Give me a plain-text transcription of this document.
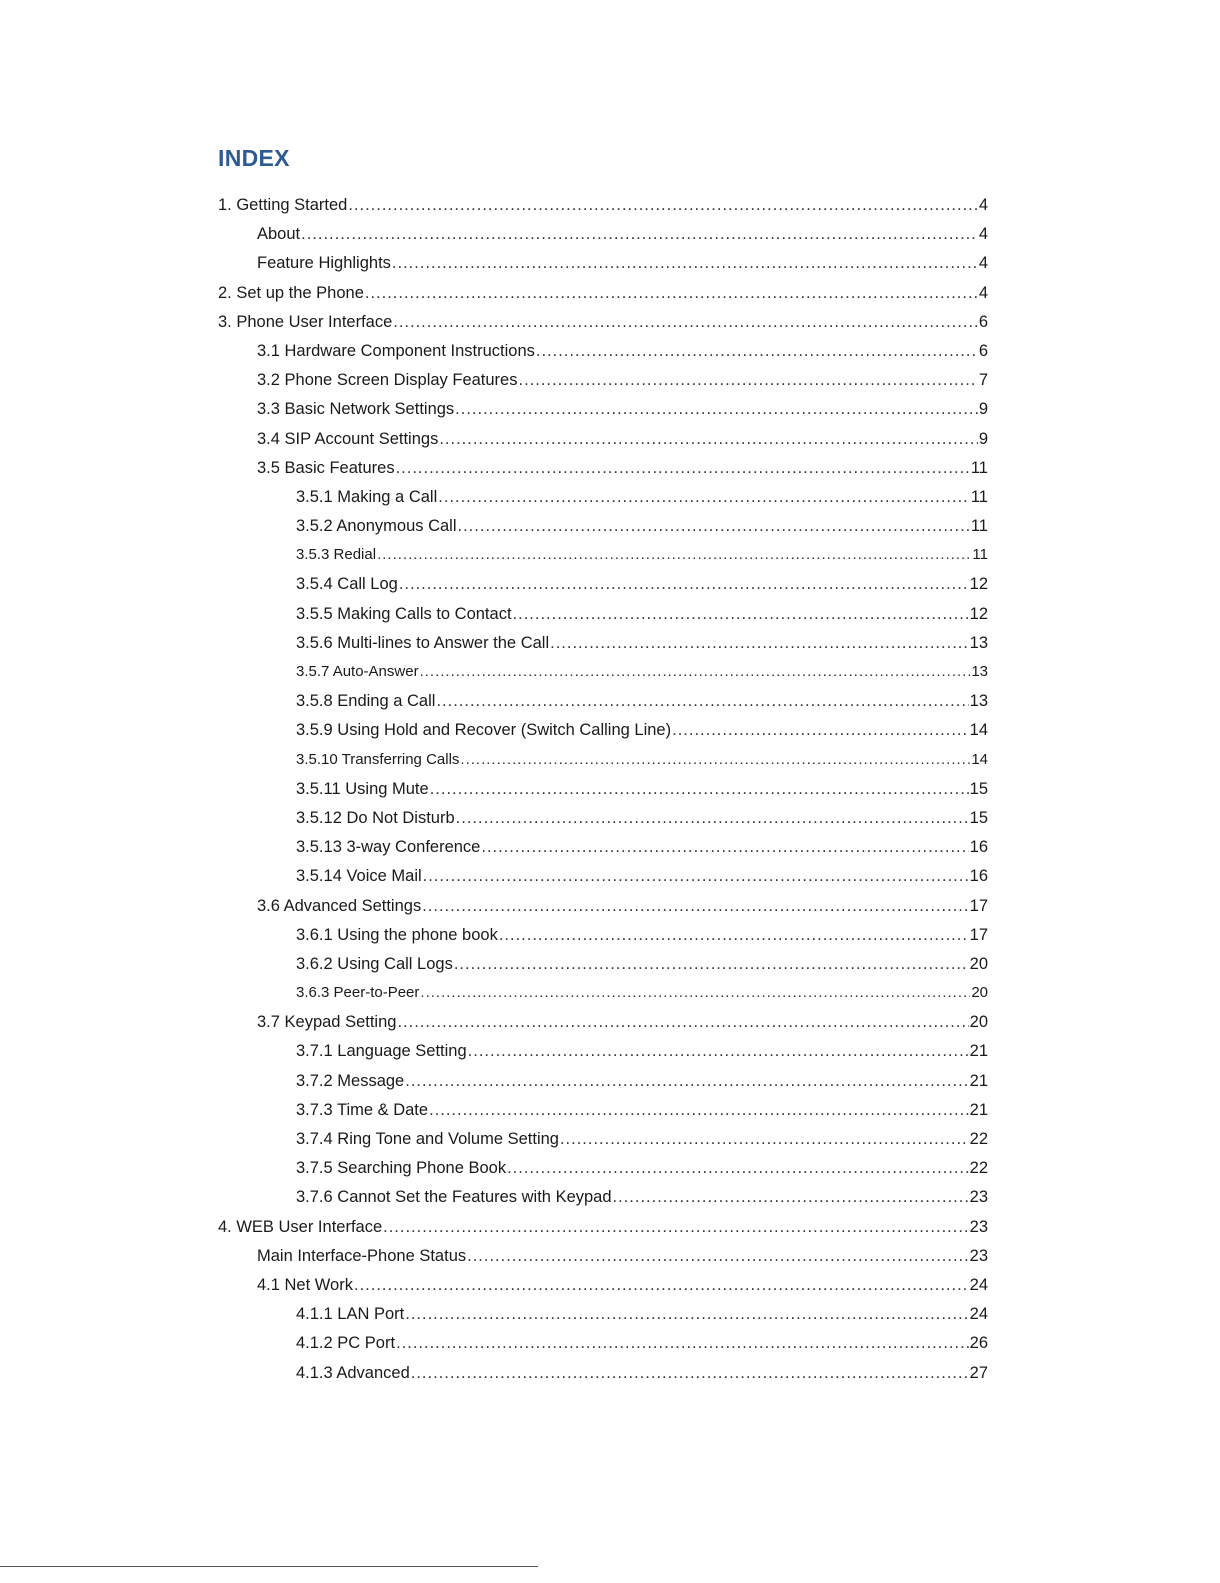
INDEX
1. Getting Started .....	4
About .....	4
Feature Highlights .....	4
2. Set up the Phone .....	4
3. Phone User Interface .....	6
3.1 Hardware Component Instructions .....	6
3.2 Phone Screen Display Features .....	7
3.3 Basic Network Settings .....	9
3.4 SIP Account Settings .....	9
3.5 Basic Features .....	11
3.5.1 Making a Call .....	11
3.5.2 Anonymous Call .....	11
3.5.3 Redial .....	11
3.5.4 Call Log .....	12
3.5.5 Making Calls to Contact .....	12
3.5.6 Multi-lines to Answer the Call .....	13
3.5.7 Auto-Answer .....	13
3.5.8 Ending a Call .....	13
3.5.9 Using Hold and Recover (Switch Calling Line) .....	14
3.5.10 Transferring Calls .....	14
3.5.11 Using Mute .....	15
3.5.12 Do Not Disturb .....	15
3.5.13 3-way Conference .....	16
3.5.14 Voice Mail .....	16
3.6 Advanced Settings .....	17
3.6.1 Using the phone book .....	17
3.6.2 Using Call Logs .....	20
3.6.3 Peer-to-Peer .....	20
3.7 Keypad Setting .....	20
3.7.1 Language Setting .....	21
3.7.2 Message .....	21
3.7.3 Time & Date .....	21
3.7.4 Ring Tone and Volume Setting .....	22
3.7.5 Searching Phone Book .....	22
3.7.6 Cannot Set the Features with Keypad .....	23
4. WEB User Interface .....	23
Main Interface-Phone Status .....	23
4.1 Net Work .....	24
4.1.1 LAN Port .....	24
4.1.2 PC Port .....	26
4.1.3 Advanced .....	27
